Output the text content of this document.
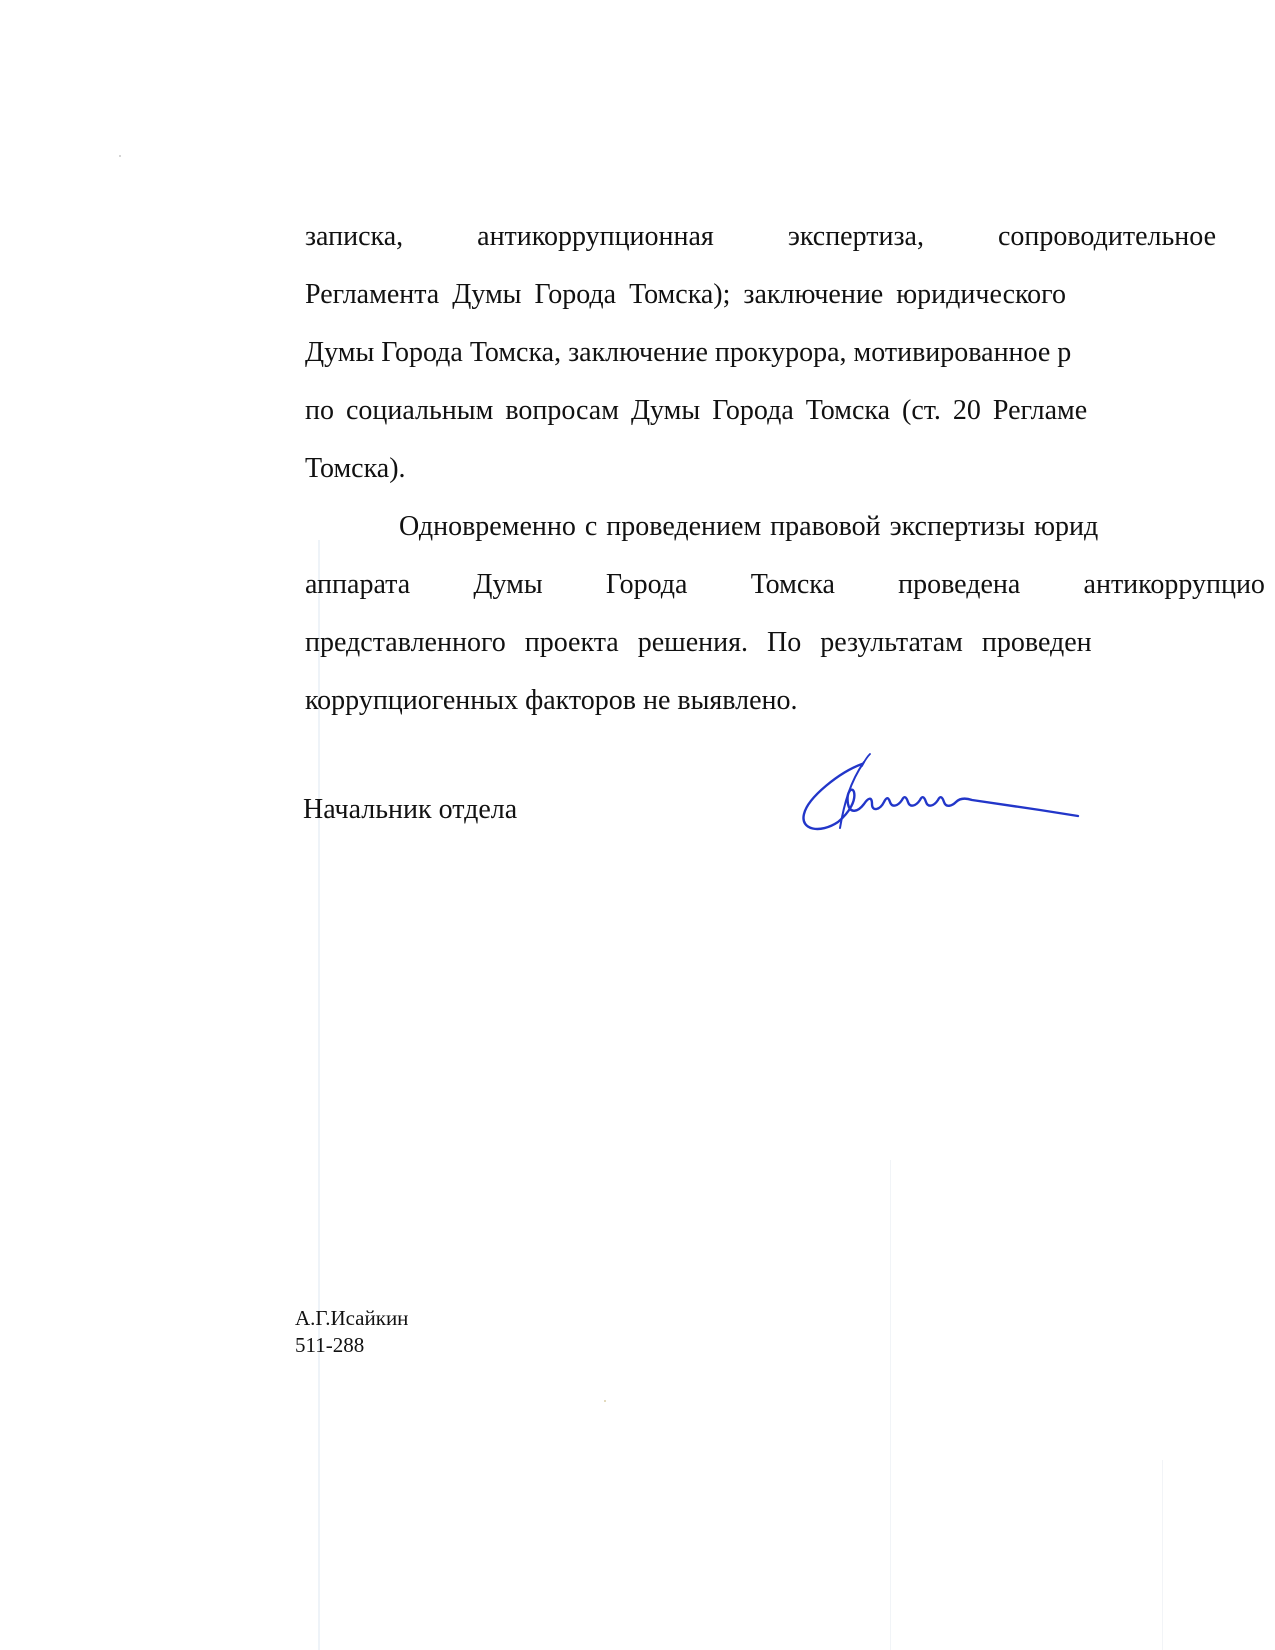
записка,	антикоррупционная	экспертиза,	сопроводительное
Регламента Думы Города Томска); заключение юридического
Думы Города Томска, заключение прокурора, мотивированное р
по социальным вопросам Думы Города Томска (ст. 20 Регламе
Томска).
Одновременно с проведением правовой экспертизы юрид
аппарата Думы Города Томска проведена антикоррупцио
представленного проекта решения. По результатам проведен
коррупциогенных факторов не выявлено.
Начальник отдела
А.Г.Исайкин
511-288
